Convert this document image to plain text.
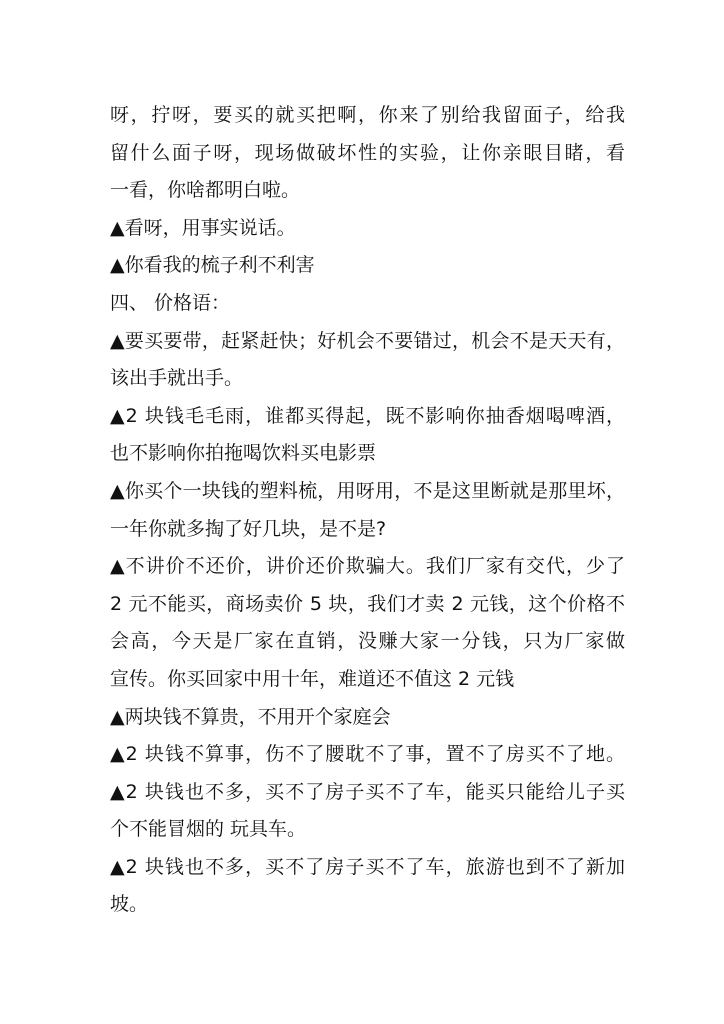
呀，拧呀，要买的就买把啊，你来了别给我留面子，给我
留什么面子呀，现场做破坏性的实验，让你亲眼目睹，看
一看，你啥都明白啦。
▲看呀，用事实说话。
▲你看我的梳子利不利害
四、 价格语：
▲要买要带，赶紧赶快；好机会不要错过，机会不是天天有，
该出手就出手。
▲2 块钱毛毛雨，谁都买得起，既不影响你抽香烟喝啤酒，
也不影响你拍拖喝饮料买电影票
▲你买个一块钱的塑料梳，用呀用，不是这里断就是那里坏，
一年你就多掏了好几块，是不是?
▲不讲价不还价，讲价还价欺骗大。我们厂家有交代，少了
2 元不能买，商场卖价 5 块，我们才卖 2 元钱，这个价格不
会高，今天是厂家在直销，没赚大家一分钱，只为厂家做
宣传。你买回家中用十年，难道还不值这 2 元钱
▲两块钱不算贵，不用开个家庭会
▲2 块钱不算事，伤不了腰耽不了事，置不了房买不了地。
▲2 块钱也不多，买不了房子买不了车，能买只能给儿子买
个不能冒烟的 玩具车。
▲2 块钱也不多，买不了房子买不了车，旅游也到不了新加
坡。
